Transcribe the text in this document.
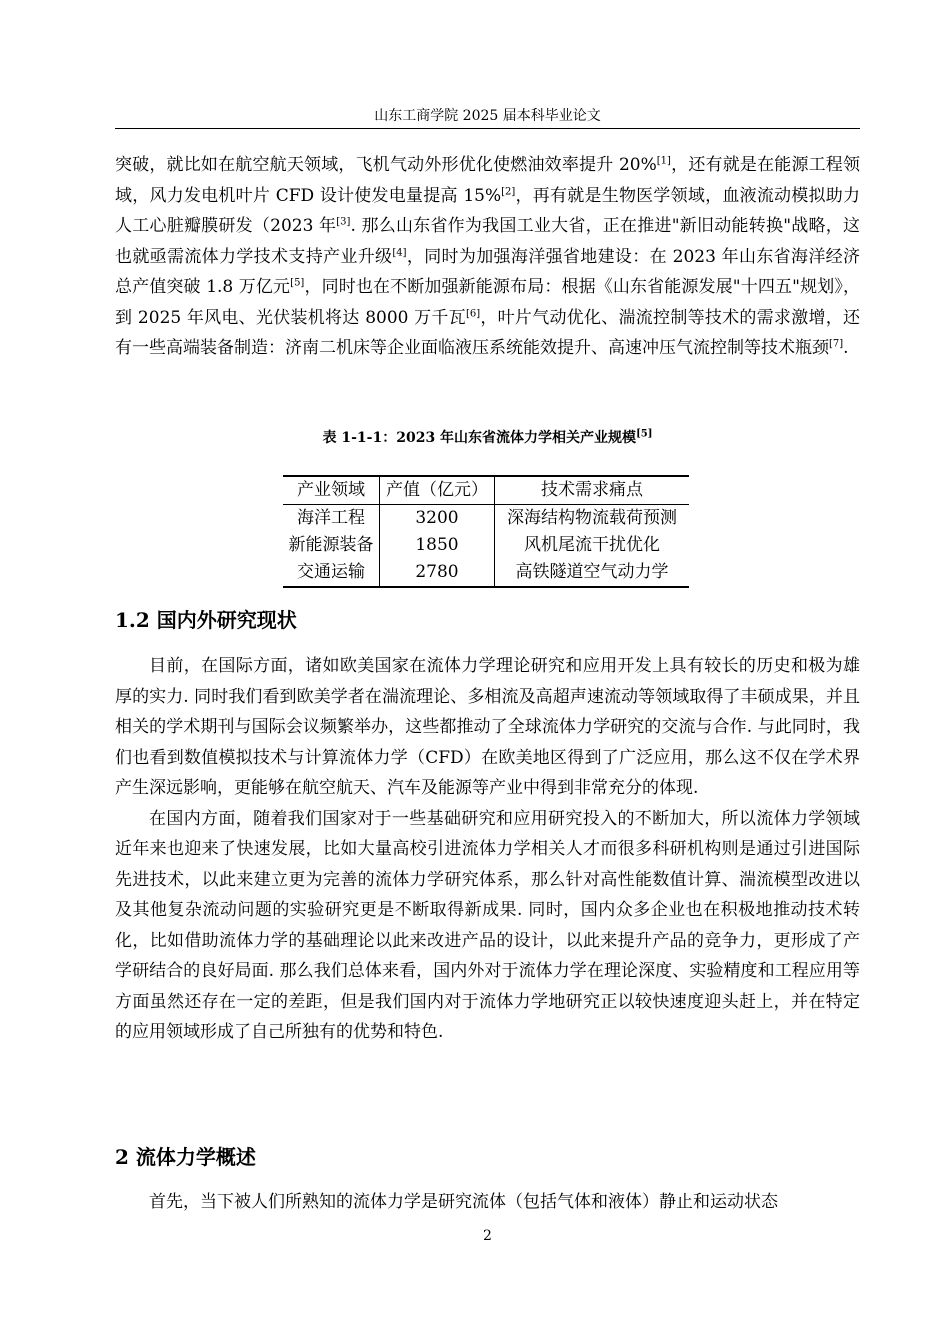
山东工商学院 2025 届本科毕业论文
突破，就比如在航空航天领域，飞机气动外形优化使燃油效率提升 20%[1]，还有就是在能源工程领域，风力发电机叶片 CFD 设计使发电量提高 15%[2]，再有就是生物医学领域，血液流动模拟助力人工心脏瓣膜研发（2023 年[3]. 那么山东省作为我国工业大省，正在推进"新旧动能转换"战略，这也就亟需流体力学技术支持产业升级[4]，同时为加强海洋强省地建设：在 2023 年山东省海洋经济总产值突破 1.8 万亿元[5]，同时也在不断加强新能源布局：根据《山东省能源发展"十四五"规划》，到 2025 年风电、光伏装机将达 8000 万千瓦[6]，叶片气动优化、湍流控制等技术的需求激增，还有一些高端装备制造：济南二机床等企业面临液压系统能效提升、高速冲压气流控制等技术瓶颈[7].
表 1-1-1：2023 年山东省流体力学相关产业规模[5]
产业领域	产值（亿元）	技术需求痛点
海洋工程	3200	深海结构物流载荷预测
新能源装备	1850	风机尾流干扰优化
交通运输	2780	高铁隧道空气动力学
1.2 国内外研究现状

目前，在国际方面，诸如欧美国家在流体力学理论研究和应用开发上具有较长的历史和极为雄厚的实力. 同时我们看到欧美学者在湍流理论、多相流及高超声速流动等领域取得了丰硕成果，并且相关的学术期刊与国际会议频繁举办，这些都推动了全球流体力学研究的交流与合作. 与此同时，我们也看到数值模拟技术与计算流体力学（CFD）在欧美地区得到了广泛应用，那么这不仅在学术界产生深远影响，更能够在航空航天、汽车及能源等产业中得到非常充分的体现.

在国内方面，随着我们国家对于一些基础研究和应用研究投入的不断加大，所以流体力学领域近年来也迎来了快速发展，比如大量高校引进流体力学相关人才而很多科研机构则是通过引进国际先进技术，以此来建立更为完善的流体力学研究体系，那么针对高性能数值计算、湍流模型改进以及其他复杂流动问题的实验研究更是不断取得新成果. 同时，国内众多企业也在积极地推动技术转化，比如借助流体力学的基础理论以此来改进产品的设计，以此来提升产品的竞争力，更形成了产学研结合的良好局面. 那么我们总体来看，国内外对于流体力学在理论深度、实验精度和工程应用等方面虽然还存在一定的差距，但是我们国内对于流体力学地研究正以较快速度迎头赶上，并在特定的应用领域形成了自己所独有的优势和特色.

2 流体力学概述

首先，当下被人们所熟知的流体力学是研究流体（包括气体和液体）静止和运动状态

2
